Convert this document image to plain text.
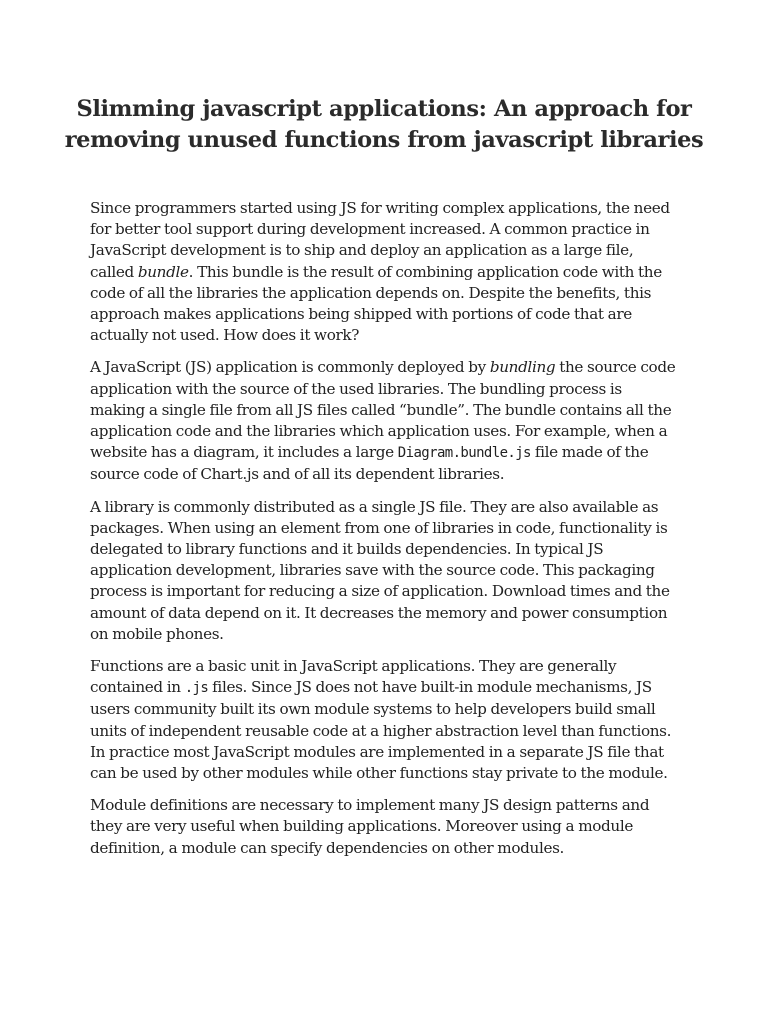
Slimming javascript applications: An approach for removing unused functions from javascript libraries

Since programmers started using JS for writing complex applications, the need for better tool support during development increased. A common practice in JavaScript development is to ship and deploy an application as a large file, called bundle. This bundle is the result of combining application code with the code of all the libraries the application depends on. Despite the benefits, this approach makes applications being shipped with portions of code that are actually not used. How does it work?

A JavaScript (JS) application is commonly deployed by bundling the source code application with the source of the used libraries. The bundling process is making a single file from all JS files called “bundle”. The bundle contains all the application code and the libraries which application uses. For example, when a website has a diagram, it includes a large Diagram.bundle.js file made of the source code of Chart.js and of all its dependent libraries.

A library is commonly distributed as a single JS file. They are also available as packages. When using an element from one of libraries in code, functionality is delegated to library functions and it builds dependencies. In typical JS application development, libraries save with the source code. This packaging process is important for reducing a size of application. Download times and the amount of data depend on it. It decreases the memory and power consumption on mobile phones.

Functions are a basic unit in JavaScript applications. They are generally contained in .js files. Since JS does not have built-in module mechanisms, JS users community built its own module systems to help developers build small units of independent reusable code at a higher abstraction level than functions. In practice most JavaScript modules are implemented in a separate JS file that can be used by other modules while other functions stay private to the module.

Module definitions are necessary to implement many JS design patterns and they are very useful when building applications. Moreover using a module definition, a module can specify dependencies on other modules.
